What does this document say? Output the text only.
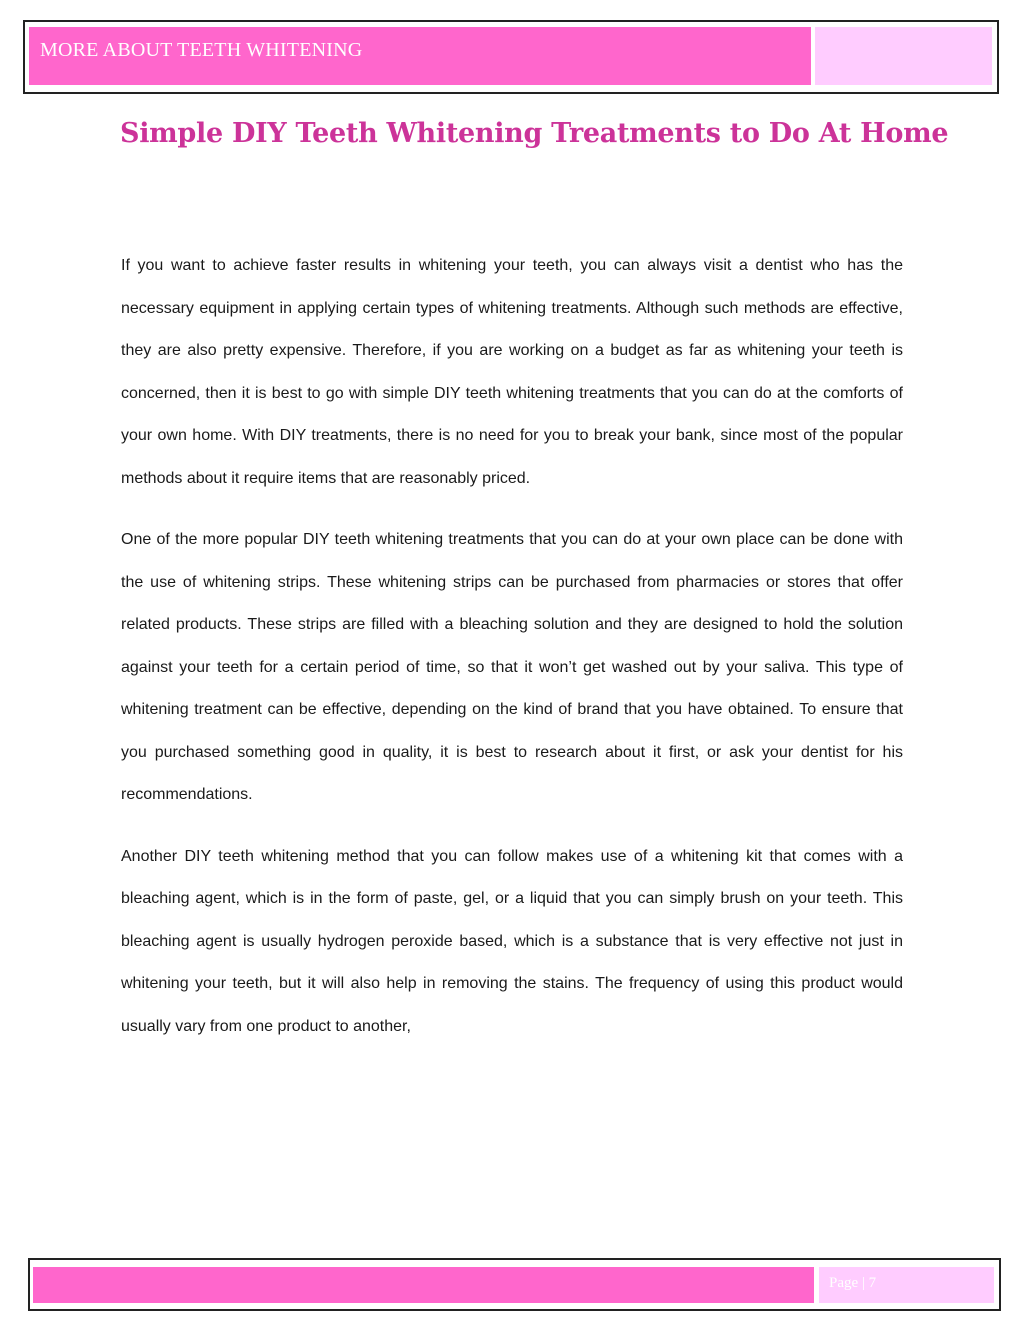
MORE ABOUT TEETH WHITENING
Simple DIY Teeth Whitening Treatments to Do At Home

If you want to achieve faster results in whitening your teeth, you can always visit a dentist who has the necessary equipment in applying certain types of whitening treatments. Although such methods are effective, they are also pretty expensive. Therefore, if you are working on a budget as far as whitening your teeth is concerned, then it is best to go with simple DIY teeth whitening treatments that you can do at the comforts of your own home. With DIY treatments, there is no need for you to break your bank, since most of the popular methods about it require items that are reasonably priced.

One of the more popular DIY teeth whitening treatments that you can do at your own place can be done with the use of whitening strips. These whitening strips can be purchased from pharmacies or stores that offer related products. These strips are filled with a bleaching solution and they are designed to hold the solution against your teeth for a certain period of time, so that it won’t get washed out by your saliva. This type of whitening treatment can be effective, depending on the kind of brand that you have obtained. To ensure that you purchased something good in quality, it is best to research about it first, or ask your dentist for his recommendations.

Another DIY teeth whitening method that you can follow makes use of a whitening kit that comes with a bleaching agent, which is in the form of paste, gel, or a liquid that you can simply brush on your teeth. This bleaching agent is usually hydrogen peroxide based, which is a substance that is very effective not just in whitening your teeth, but it will also help in removing the stains. The frequency of using this product would usually vary from one product to another,

Page | 7
